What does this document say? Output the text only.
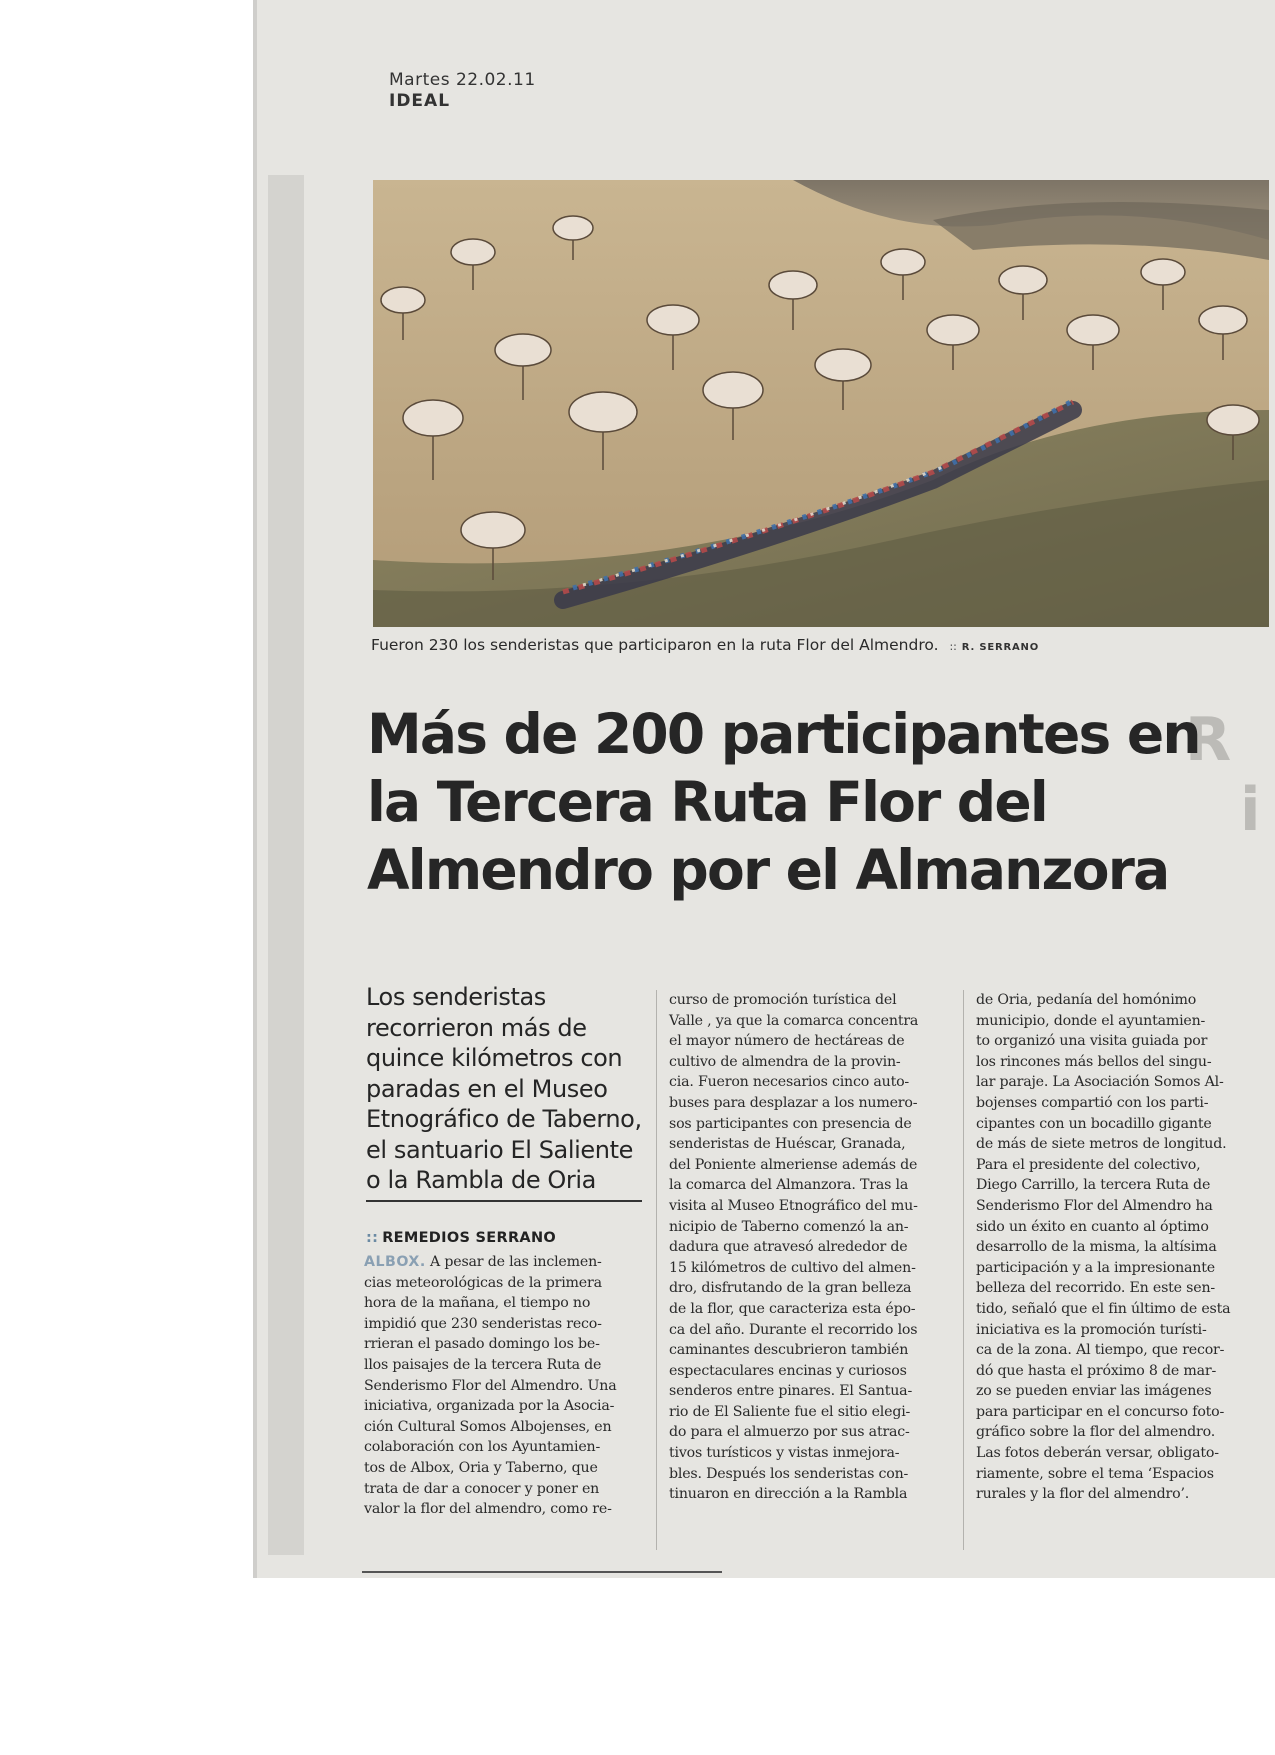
R
i
Martes 22.02.11
IDEAL
Fueron 230 los senderistas que participaron en la ruta Flor del Almendro. :: R. SERRANO
Más de 200 participantes en la Tercera Ruta Flor del Almendro por el Almanzora
Los senderistas recorrieron más de quince kilómetros con paradas en el Museo Etnográfico de Taberno, el santuario El Saliente o la Rambla de Oria
:: REMEDIOS SERRANO
ALBOX. A pesar de las inclemen-
cias meteorológicas de la primera
hora de la mañana, el tiempo no
impidió que 230 senderistas reco-
rrieran el pasado domingo los be-
llos paisajes de la tercera Ruta de
Senderismo Flor del Almendro. Una
iniciativa, organizada por la Asocia-
ción Cultural Somos Albojenses, en
colaboración con los Ayuntamien-
tos de Albox, Oria y Taberno, que
trata de dar a conocer y poner en
valor la flor del almendro, como re-
curso de promoción turística del
Valle , ya que la comarca concentra
el mayor número de hectáreas de
cultivo de almendra de la provin-
cia. Fueron necesarios cinco auto-
buses para desplazar a los numero-
sos participantes con presencia de
senderistas de Huéscar, Granada,
del Poniente almeriense además de
la comarca del Almanzora. Tras la
visita al Museo Etnográfico del mu-
nicipio de Taberno comenzó la an-
dadura que atravesó alrededor de
15 kilómetros de cultivo del almen-
dro, disfrutando de la gran belleza
de la flor, que caracteriza esta épo-
ca del año. Durante el recorrido los
caminantes descubrieron también
espectaculares encinas y curiosos
senderos entre pinares. El Santua-
rio de El Saliente fue el sitio elegi-
do para el almuerzo por sus atrac-
tivos turísticos y vistas inmejora-
bles. Después los senderistas con-
tinuaron en dirección a la Rambla
de Oria, pedanía del homónimo
municipio, donde el ayuntamien-
to organizó una visita guiada por
los rincones más bellos del singu-
lar paraje. La Asociación Somos Al-
bojenses compartió con los parti-
cipantes con un bocadillo gigante
de más de siete metros de longitud.
Para el presidente del colectivo,
Diego Carrillo, la tercera Ruta de
Senderismo Flor del Almendro ha
sido un éxito en cuanto al óptimo
desarrollo de la misma, la altísima
participación y a la impresionante
belleza del recorrido. En este sen-
tido, señaló que el fin último de esta
iniciativa es la promoción turísti-
ca de la zona. Al tiempo, que recor-
dó que hasta el próximo 8 de mar-
zo se pueden enviar las imágenes
para participar en el concurso foto-
gráfico sobre la flor del almendro.
Las fotos deberán versar, obligato-
riamente, sobre el tema ‘Espacios
rurales y la flor del almendro’.
